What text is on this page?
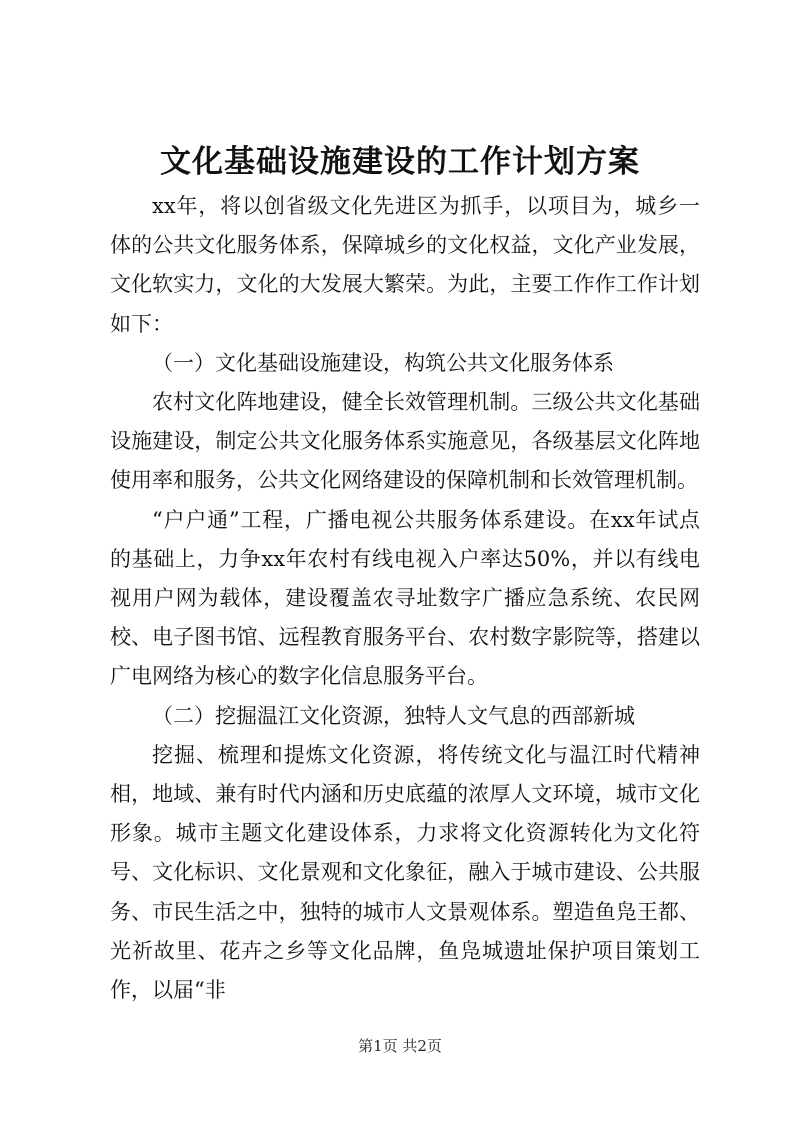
文化基础设施建设的工作计划方案

xx年，将以创省级文化先进区为抓手，以项目为，城乡一体的公共文化服务体系，保障城乡的文化权益，文化产业发展，文化软实力，文化的大发展大繁荣。为此，主要工作作工作计划如下：

（一）文化基础设施建设，构筑公共文化服务体系

农村文化阵地建设，健全长效管理机制。三级公共文化基础设施建设，制定公共文化服务体系实施意见，各级基层文化阵地使用率和服务，公共文化网络建设的保障机制和长效管理机制。

“户户通”工程，广播电视公共服务体系建设。在xx年试点的基础上，力争xx年农村有线电视入户率达50%，并以有线电视用户网为载体，建设覆盖农寻址数字广播应急系统、农民网校、电子图书馆、远程教育服务平台、农村数字影院等，搭建以广电网络为核心的数字化信息服务平台。

（二）挖掘温江文化资源，独特人文气息的西部新城

挖掘、梳理和提炼文化资源，将传统文化与温江时代精神相，地域、兼有时代内涵和历史底蕴的浓厚人文环境，城市文化形象。城市主题文化建设体系，力求将文化资源转化为文化符号、文化标识、文化景观和文化象征，融入于城市建设、公共服务、市民生活之中，独特的城市人文景观体系。塑造鱼凫王都、光祈故里、花卉之乡等文化品牌，鱼凫城遗址保护项目策划工作，以届“非

第1页 共2页
